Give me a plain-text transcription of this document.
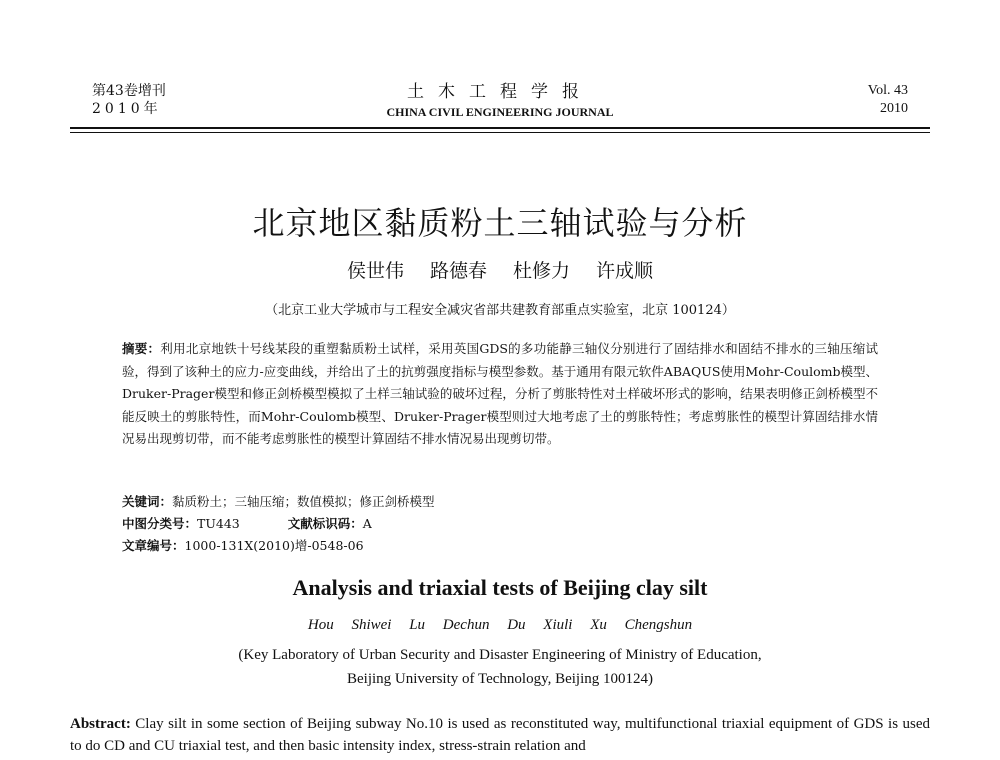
第43卷增刊
2010年
土木工程学报
CHINA CIVIL ENGINEERING JOURNAL
Vol. 43
2010
北京地区黏质粉土三轴试验与分析
侯世伟 路德春 杜修力 许成顺
（北京工业大学城市与工程安全减灾省部共建教育部重点实验室，北京 100124）
摘要：利用北京地铁十号线某段的重塑黏质粉土试样，采用英国GDS的多功能静三轴仪分别进行了固结排水和固结不排水的三轴压缩试验，得到了该种土的应力-应变曲线，并给出了土的抗剪强度指标与模型参数。基于通用有限元软件ABAQUS使用Mohr-Coulomb模型、Druker-Prager模型和修正剑桥模型模拟了土样三轴试验的破坏过程，分析了剪胀特性对土样破坏形式的影响，结果表明修正剑桥模型不能反映土的剪胀特性，而Mohr-Coulomb模型、Druker-Prager模型则过大地考虑了土的剪胀特性；考虑剪胀性的模型计算固结排水情况易出现剪切带，而不能考虑剪胀性的模型计算固结不排水情况易出现剪切带。
关键词：黏质粉土；三轴压缩；数值模拟；修正剑桥模型
中图分类号：TU443	文献标识码：A
文章编号：1000-131X(2010)增-0548-06
Analysis and triaxial tests of Beijing clay silt
Hou Shiwei Lu Dechun Du Xiuli Xu Chengshun
(Key Laboratory of Urban Security and Disaster Engineering of Ministry of Education,
Beijing University of Technology, Beijing 100124)
Abstract: Clay silt in some section of Beijing subway No.10 is used as reconstituted way, multifunctional triaxial equipment of GDS is used to do CD and CU triaxial test, and then basic intensity index, stress-strain relation and
